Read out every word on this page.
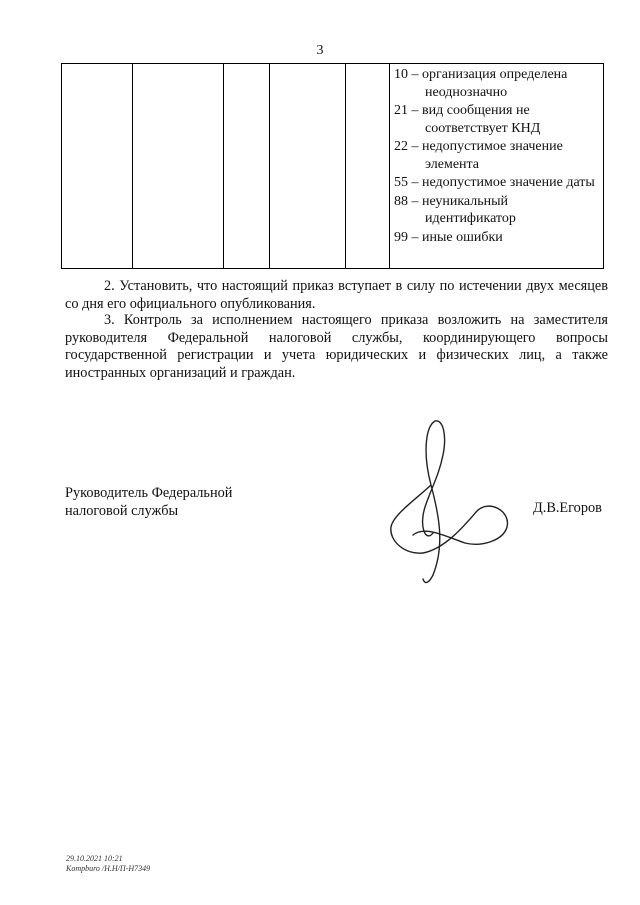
3

10 – организация определена неоднозначно
21 – вид сообщения не соответствует КНД
22 – недопустимое значение элемента
55 – недопустимое значение даты
88 – неуникальный идентификатор
99 – иные ошибки

2. Установить, что настоящий приказ вступает в силу по истечении двух месяцев со дня его официального опубликования.

3. Контроль за исполнением настоящего приказа возложить на заместителя руководителя Федеральной налоговой службы, координирующего вопросы государственной регистрации и учета юридических и физических лиц, а также иностранных организаций и граждан.

Руководитель Федеральной
налоговой службы	Д.В.Егоров
29.10.2021 10:21
Kompburo /Н.Н/П-Н7349
